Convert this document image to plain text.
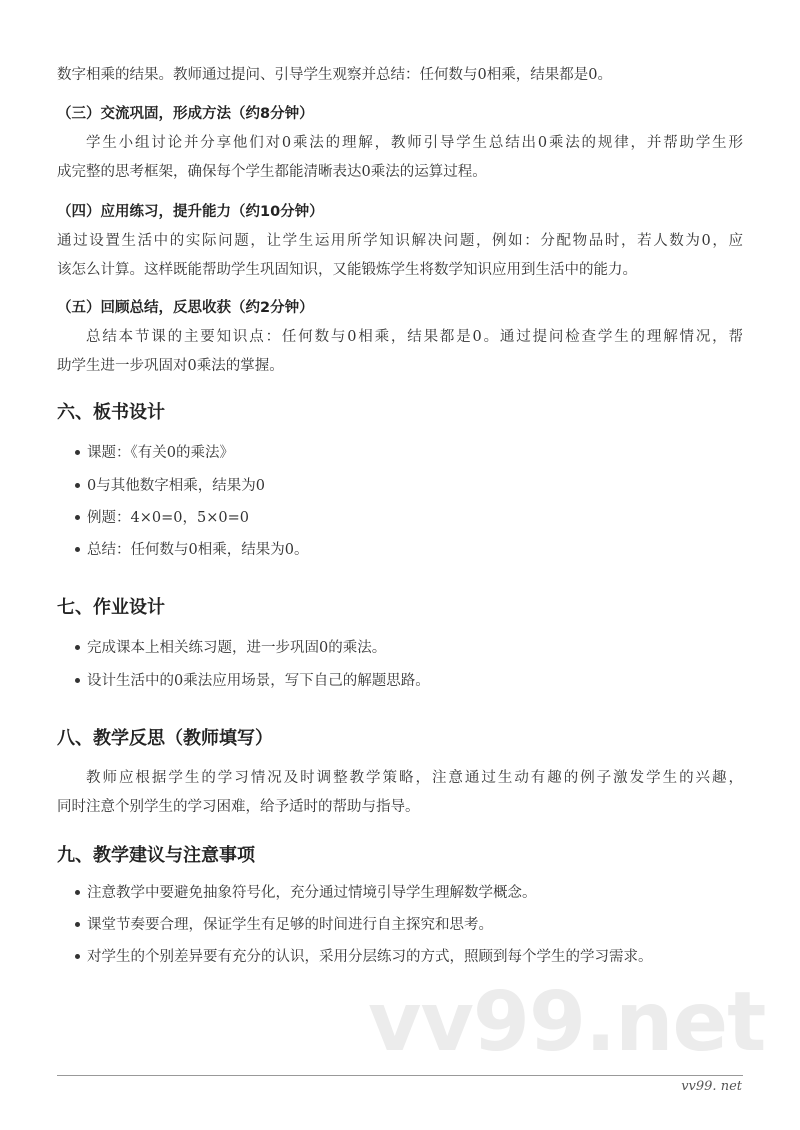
数字相乘的结果。教师通过提问、引导学生观察并总结：任何数与0相乘，结果都是0。
（三）交流巩固，形成方法（约8分钟）
学生小组讨论并分享他们对0乘法的理解，教师引导学生总结出0乘法的规律，并帮助学生形
成完整的思考框架，确保每个学生都能清晰表达0乘法的运算过程。
（四）应用练习，提升能力（约10分钟）
通过设置生活中的实际问题，让学生运用所学知识解决问题，例如：分配物品时，若人数为0，应
该怎么计算。这样既能帮助学生巩固知识，又能锻炼学生将数学知识应用到生活中的能力。
（五）回顾总结，反思收获（约2分钟）
总结本节课的主要知识点：任何数与0相乘，结果都是0。通过提问检查学生的理解情况，帮
助学生进一步巩固对0乘法的掌握。
六、板书设计
课题：《有关0的乘法》
0与其他数字相乘，结果为0
例题：4×0=0，5×0=0
总结：任何数与0相乘，结果为0。
七、作业设计
完成课本上相关练习题，进一步巩固0的乘法。
设计生活中的0乘法应用场景，写下自己的解题思路。
八、教学反思（教师填写）
教师应根据学生的学习情况及时调整教学策略，注意通过生动有趣的例子激发学生的兴趣，
同时注意个别学生的学习困难，给予适时的帮助与指导。
九、教学建议与注意事项
注意教学中要避免抽象符号化，充分通过情境引导学生理解数学概念。
课堂节奏要合理，保证学生有足够的时间进行自主探究和思考。
对学生的个别差异要有充分的认识，采用分层练习的方式，照顾到每个学生的学习需求。
vv99.net
vv99. net
